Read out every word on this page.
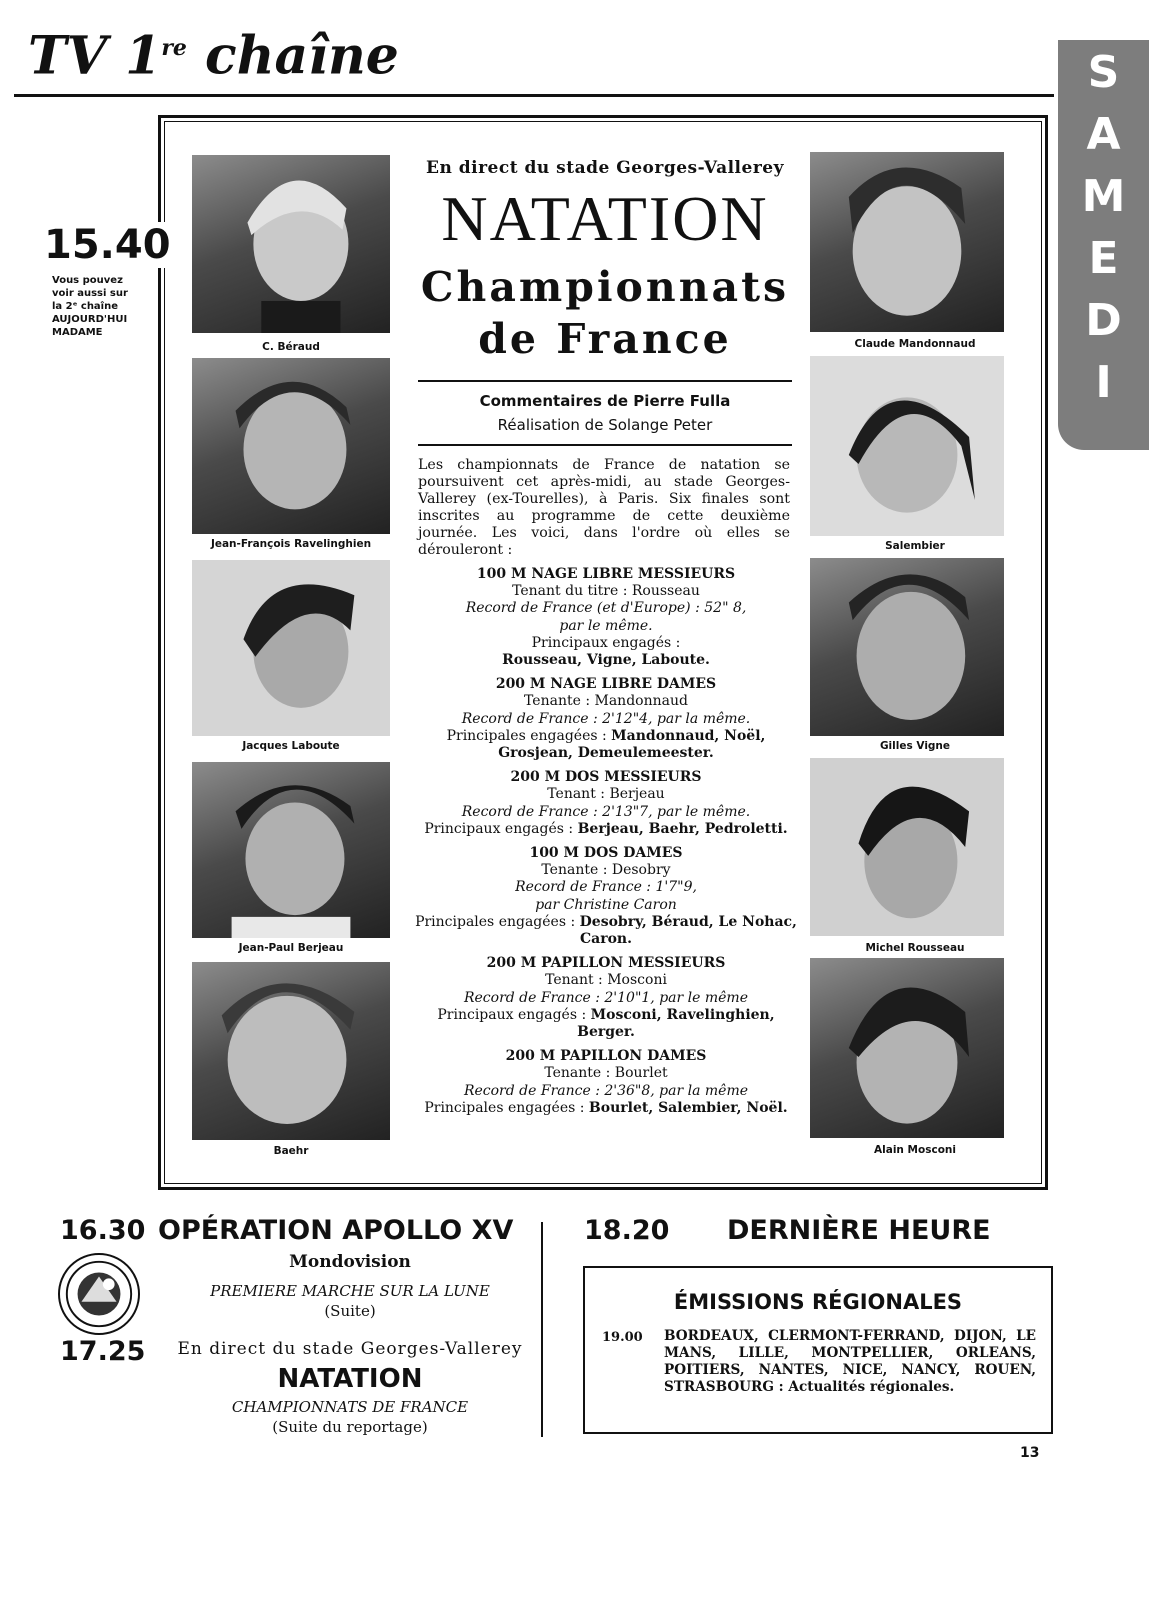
TV 1re chaîne	S
A
M
E
D
I
15.40
Vous pouvez
voir aussi sur
la 2ᵉ chaîne
AUJOURD'HUI
MADAME
C. Béraud
Jean-François Ravelinghien
Jacques Laboute
Jean-Paul Berjeau
Baehr
Claude Mandonnaud
Salembier
Gilles Vigne
Michel Rousseau
Alain Mosconi
En direct du stade Georges-Vallerey
NATATION
Championnats
de France
Commentaires de Pierre Fulla
Réalisation de Solange Peter
Les championnats de France de natation se poursuivent cet après-midi, au stade Georges-Vallerey (ex-Tourelles), à Paris. Six finales sont inscrites au programme de cette deuxième journée. Les voici, dans l'ordre où elles se dérouleront :
100 M NAGE LIBRE MESSIEURS
Tenant du titre : Rousseau
Record de France (et d'Europe) : 52" 8,
par le même.
Principaux engagés :
Rousseau, Vigne, Laboute.
200 M NAGE LIBRE DAMES
Tenante : Mandonnaud
Record de France : 2'12"4, par la même.
Principales engagées : Mandonnaud, Noël, Grosjean, Demeulemeester.
200 M DOS MESSIEURS
Tenant : Berjeau
Record de France : 2'13"7, par le même.
Principaux engagés : Berjeau, Baehr, Pedroletti.
100 M DOS DAMES
Tenante : Desobry
Record de France : 1'7"9,
par Christine Caron
Principales engagées : Desobry, Béraud, Le Nohac, Caron.
200 M PAPILLON MESSIEURS
Tenant : Mosconi
Record de France : 2'10"1, par le même
Principaux engagés : Mosconi, Ravelinghien, Berger.
200 M PAPILLON DAMES
Tenante : Bourlet
Record de France : 2'36"8, par la même
Principales engagées : Bourlet, Salembier, Noël.
16.30 OPÉRATION APOLLO XV
Mondovision
PREMIERE MARCHE SUR LA LUNE
(Suite)
17.25	En direct du stade Georges-Vallerey
NATATION
CHAMPIONNATS DE FRANCE
(Suite du reportage)
18.20 DERNIÈRE HEURE
ÉMISSIONS RÉGIONALES
19.00 BORDEAUX, CLERMONT-FERRAND, DIJON, LE MANS, LILLE, MONTPELLIER, ORLEANS, POITIERS, NANTES, NICE, NANCY, ROUEN, STRASBOURG : Actualités régionales.
13
